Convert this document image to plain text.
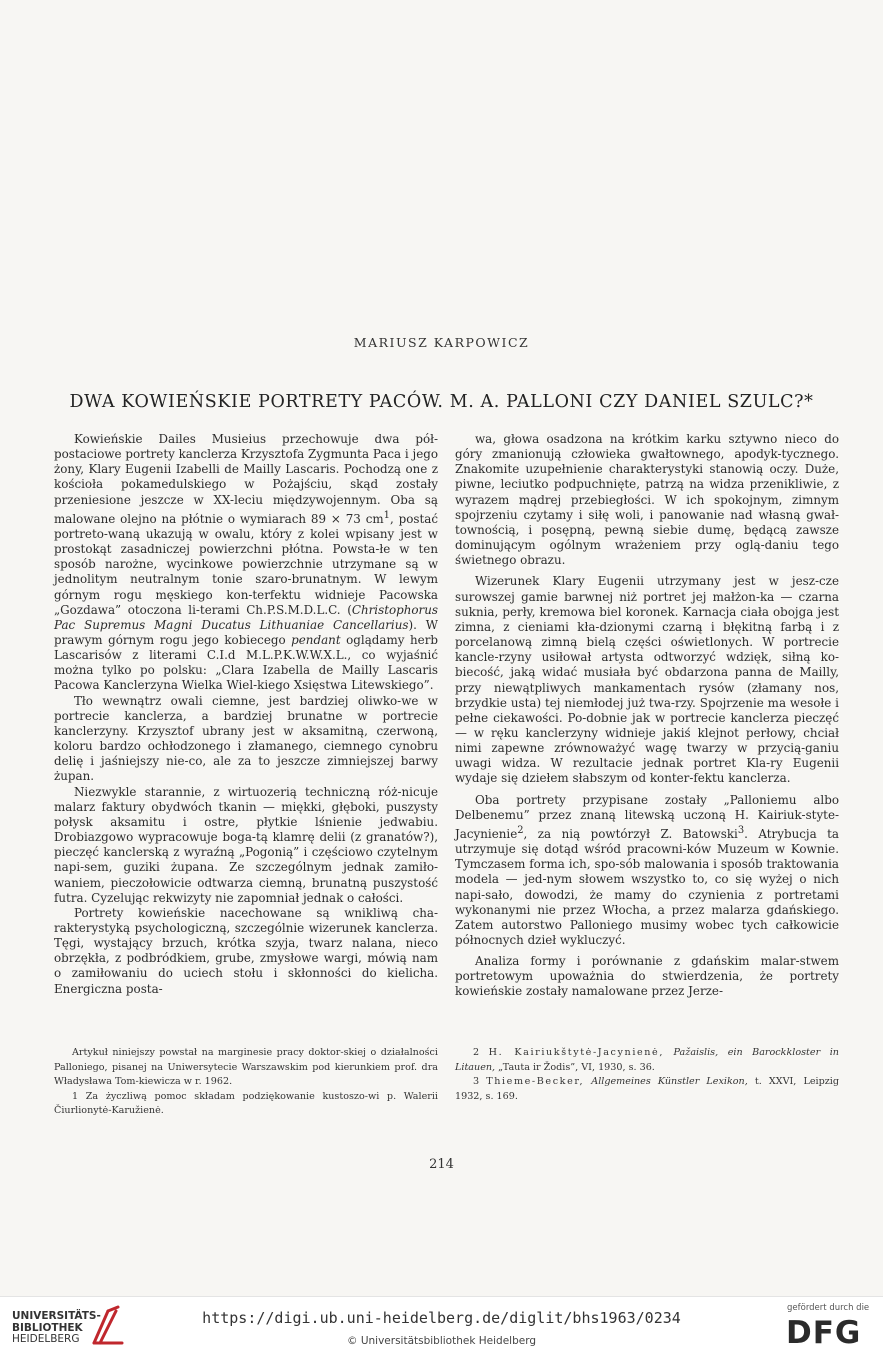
MARIUSZ KARPOWICZ
DWA KOWIEŃSKIE PORTRETY PACÓW. M. A. PALLONI CZY DANIEL SZULC?*

Kowieńskie Dailes Musieius przechowuje dwa pół-postaciowe portrety kanclerza Krzysztofa Zygmunta Paca i jego żony, Klary Eugenii Izabelli de Mailly Lascaris. Pochodzą one z kościoła pokamedulskiego w Pożajściu, skąd zostały przeniesione jeszcze w XX-leciu międzywojennym. Oba są malowane olejno na płótnie o wymiarach 89 × 73 $cm^1$, postać portreto-waną ukazują w owalu, który z kolei wpisany jest w prostokąt zasadniczej powierzchni płótna. Powsta-łe w ten sposób narożne, wycinkowe powierzchnie utrzymane są w jednolitym neutralnym tonie szaro-brunatnym. W lewym górnym rogu męskiego kon-terfektu widnieje Pacowska „Gozdawa” otoczona li-terami Ch.P.S.M.D.L.C. (Christophorus Pac Supremus Magni Ducatus Lithuaniae Cancellarius). W prawym górnym rogu jego kobiecego pendant oglądamy herb Lascarisów z literami C.I.d M.L.P.K.W.W.X.L., co wyjaśnić można tylko po polsku: „Clara Izabella de Mailly Lascaris Pacowa Kanclerzyna Wielka Wiel-kiego Xsięstwa Litewskiego”.

Tło wewnątrz owali ciemne, jest bardziej oliwko-we w portrecie kanclerza, a bardziej brunatne w portrecie kanclerzyny. Krzysztof ubrany jest w aksamitną, czerwoną, koloru bardzo ochłodzonego i złamanego, ciemnego cynobru delię i jaśniejszy nie-co, ale za to jeszcze zimniejszej barwy żupan.

Niezwykle starannie, z wirtuozerią techniczną róż-nicuje malarz faktury obydwóch tkanin — miękki, głęboki, puszysty połysk aksamitu i ostre, płytkie lśnienie jedwabiu. Drobiazgowo wypracowuje boga-tą klamrę delii (z granatów?), pieczęć kanclerską z wyraźną „Pogonią” i częściowo czytelnym napi-sem, guziki żupana. Ze szczególnym jednak zamiło-waniem, pieczołowicie odtwarza ciemną, brunatną puszystość futra. Cyzelując rekwizyty nie zapomniał jednak o całości.

Portrety kowieńskie nacechowane są wnikliwą cha-rakterystyką psychologiczną, szczególnie wizerunek kanclerza. Tęgi, wystający brzuch, krótka szyja, twarz nalana, nieco obrzękła, z podbródkiem, grube, zmysłowe wargi, mówią nam o zamiłowaniu do uciech stołu i skłonności do kielicha. Energiczna posta-

wa, głowa osadzona na krótkim karku sztywno nieco do góry zmanionują człowieka gwałtownego, apodyk-tycznego. Znakomite uzupełnienie charakterystyki stanowią oczy. Duże, piwne, leciutko podpuchnięte, patrzą na widza przenikliwie, z wyrazem mądrej przebiegłości. W ich spokojnym, zimnym spojrzeniu czytamy i siłę woli, i panowanie nad własną gwał-townością, i posępną, pewną siebie dumę, będącą zawsze dominującym ogólnym wrażeniem przy oglą-daniu tego świetnego obrazu.

Wizerunek Klary Eugenii utrzymany jest w jesz-cze surowszej gamie barwnej niż portret jej małżon-ka — czarna suknia, perły, kremowa biel koronek. Karnacja ciała obojga jest zimna, z cieniami kła-dzionymi czarną i błękitną farbą i z porcelanową zimną bielą części oświetlonych. W portrecie kancle-rzyny usiłował artysta odtworzyć wdzięk, siłną ko-biecość, jaką widać musiała być obdarzona panna de Mailly, przy niewątpliwych mankamentach rysów (złamany nos, brzydkie usta) tej niemłodej już twa-rzy. Spojrzenie ma wesołe i pełne ciekawości. Po-dobnie jak w portrecie kanclerza pieczęć — w ręku kanclerzyny widnieje jakiś klejnot perłowy, chciał nimi zapewne zrównoważyć wagę twarzy w przycią-ganiu uwagi widza. W rezultacie jednak portret Kla-ry Eugenii wydaje się dziełem słabszym od konter-fektu kanclerza.

Oba portrety przypisane zostały „Palloniemu albo Delbenemu” przez znaną litewską uczoną H. Kairiuk-styte-Jacynienie$^2$, za nią powtórzył Z. Batowski$^3$. Atrybucja ta utrzymuje się dotąd wśród pracowni-ków Muzeum w Kownie. Tymczasem forma ich, spo-sób malowania i sposób traktowania modela — jed-nym słowem wszystko to, co się wyżej o nich napi-sało, dowodzi, że mamy do czynienia z portretami wykonanymi nie przez Włocha, a przez malarza gdańskiego. Zatem autorstwo Palloniego musimy wobec tych całkowicie północnych dzieł wykluczyć.

Analiza formy i porównanie z gdańskim malar-stwem portretowym upoważnia do stwierdzenia, że portrety kowieńskie zostały namalowane przez Jerze-

Artykuł niniejszy powstał na marginesie pracy doktor-skiej o działalności Palloniego, pisanej na Uniwersytecie Warszawskim pod kierunkiem prof. dra Władysława Tom-kiewicza w r. 1962.

1 Za życzliwą pomoc składam podziękowanie kustoszo-wi p. Walerii Čiurlionytė-Karužienė.

2 H. Kairiukštytė-Jacynienė, Pažaislis, ein Barockkloster in Litauen, „Tauta ir Žodis”, VI, 1930, s. 36.

3 Thieme-Becker, Allgemeines Künstler Lexikon, t. XXVI, Leipzig 1932, s. 169.

214
UNIVERSITÄTS-
BIBLIOTHEK
HEIDELBERG
https://digi.ub.uni-heidelberg.de/diglit/bhs1963/0234
© Universitätsbibliothek Heidelberg
gefördert durch die
DFG
